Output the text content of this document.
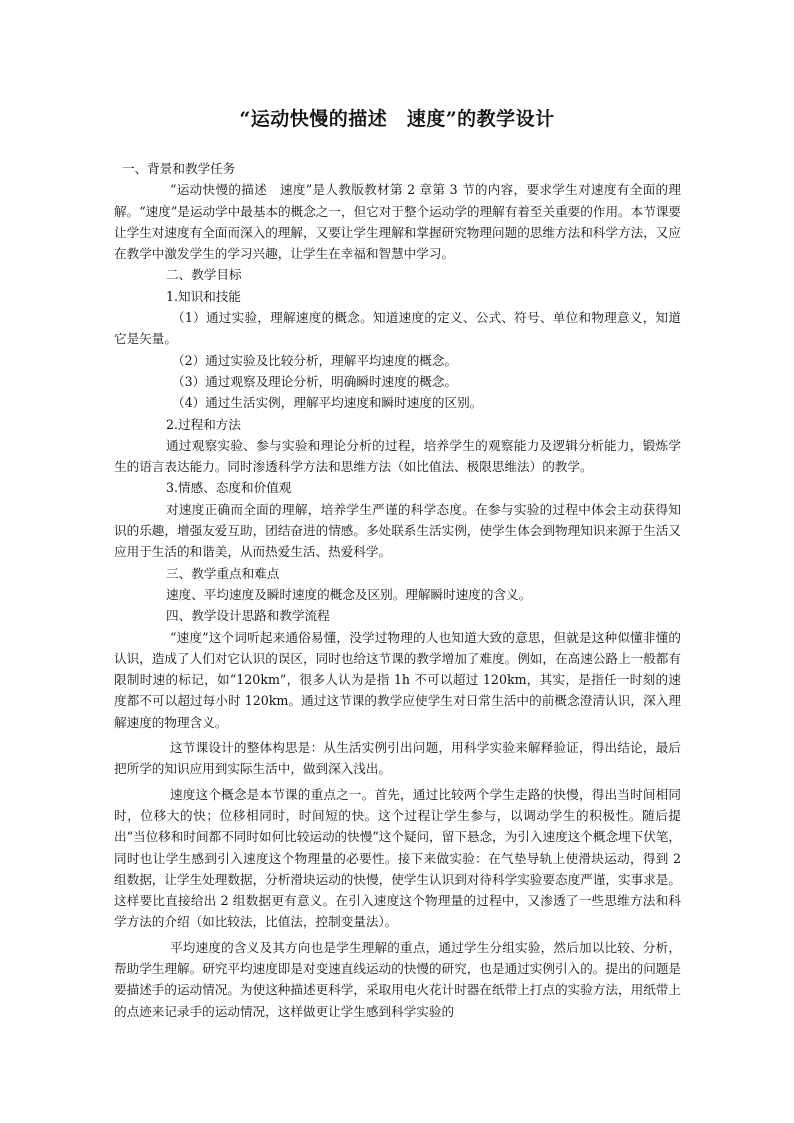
“运动快慢的描述　速度”的教学设计

一、背景和教学任务

“运动快慢的描述　速度”是人教版教材第 2 章第 3 节的内容，要求学生对速度有全面的理解。“速度”是运动学中最基本的概念之一，但它对于整个运动学的理解有着至关重要的作用。本节课要让学生对速度有全面而深入的理解，又要让学生理解和掌握研究物理问题的思维方法和科学方法，又应在教学中激发学生的学习兴趣，让学生在幸福和智慧中学习。

二、教学目标

1.知识和技能

（1）通过实验，理解速度的概念。知道速度的定义、公式、符号、单位和物理意义，知道它是矢量。

（2）通过实验及比较分析，理解平均速度的概念。

（3）通过观察及理论分析，明确瞬时速度的概念。

（4）通过生活实例，理解平均速度和瞬时速度的区别。

2.过程和方法

通过观察实验、参与实验和理论分析的过程，培养学生的观察能力及逻辑分析能力，锻炼学生的语言表达能力。同时渗透科学方法和思维方法（如比值法、极限思维法）的教学。

3.情感、态度和价值观

对速度正确而全面的理解，培养学生严谨的科学态度。在参与实验的过程中体会主动获得知识的乐趣，增强友爱互助，团结奋进的情感。多处联系生活实例，使学生体会到物理知识来源于生活又应用于生活的和谐美，从而热爱生活、热爱科学。

三、教学重点和难点

速度、平均速度及瞬时速度的概念及区别。理解瞬时速度的含义。

四、教学设计思路和教学流程

“速度”这个词听起来通俗易懂，没学过物理的人也知道大致的意思，但就是这种似懂非懂的认识，造成了人们对它认识的误区，同时也给这节课的教学增加了难度。例如，在高速公路上一般都有限制时速的标记，如“120km”，很多人认为是指 1h 不可以超过 120km，其实，是指任一时刻的速度都不可以超过每小时 120km。通过这节课的教学应使学生对日常生活中的前概念澄清认识，深入理解速度的物理含义。

这节课设计的整体构思是：从生活实例引出问题，用科学实验来解释验证，得出结论，最后把所学的知识应用到实际生活中，做到深入浅出。

速度这个概念是本节课的重点之一。首先，通过比较两个学生走路的快慢，得出当时间相同时，位移大的快；位移相同时，时间短的快。这个过程让学生参与，以调动学生的积极性。随后提出“当位移和时间都不同时如何比较运动的快慢”这个疑问，留下悬念，为引入速度这个概念埋下伏笔，同时也让学生感到引入速度这个物理量的必要性。接下来做实验：在气垫导轨上使滑块运动，得到 2 组数据，让学生处理数据，分析滑块运动的快慢，使学生认识到对待科学实验要态度严谨，实事求是。这样要比直接给出 2 组数据更有意义。在引入速度这个物理量的过程中，又渗透了一些思维方法和科学方法的介绍（如比较法，比值法，控制变量法）。

平均速度的含义及其方向也是学生理解的重点，通过学生分组实验，然后加以比较、分析，帮助学生理解。研究平均速度即是对变速直线运动的快慢的研究，也是通过实例引入的。提出的问题是要描述手的运动情况。为使这种描述更科学，采取用电火花计时器在纸带上打点的实验方法，用纸带上的点迹来记录手的运动情况，这样做更让学生感到科学实验的
